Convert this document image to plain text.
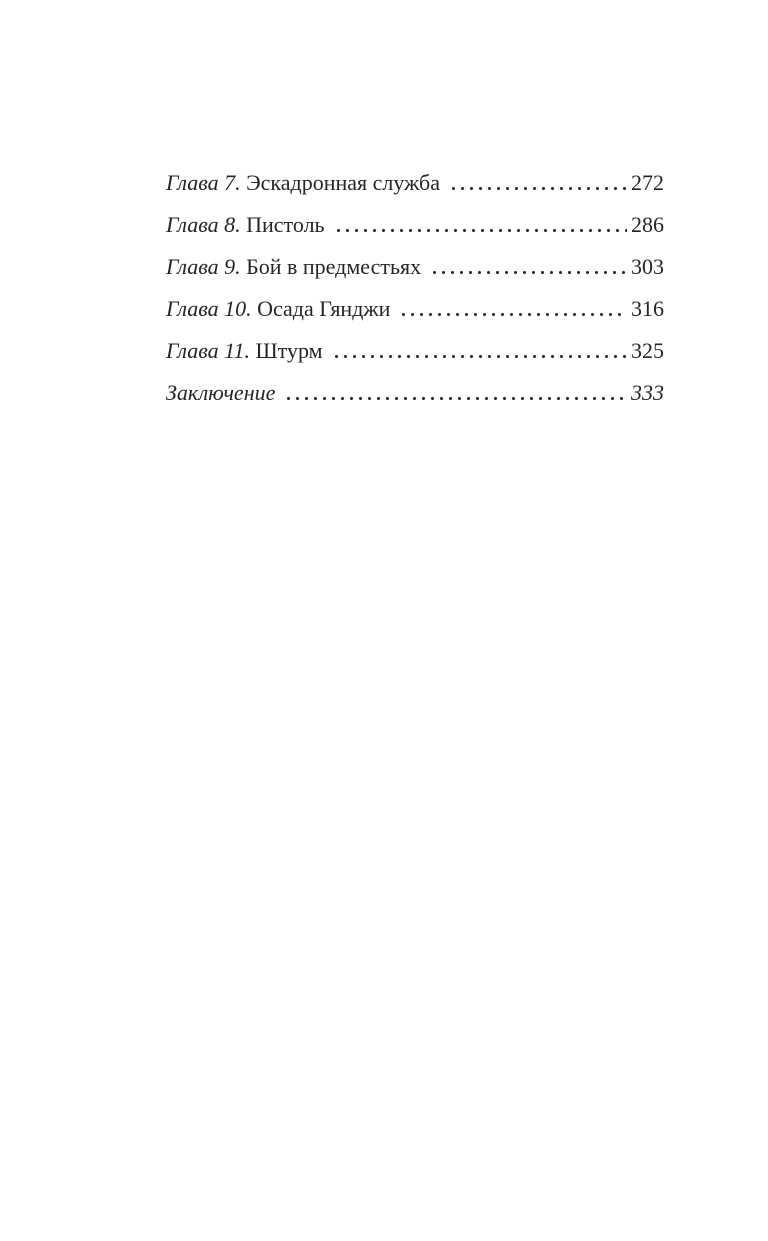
Глава 7. Эскадронная служба	272
Глава 8. Пистоль	286
Глава 9. Бой в предместьях	303
Глава 10. Осада Гянджи	316
Глава 11. Штурм	325
Заключение	333
